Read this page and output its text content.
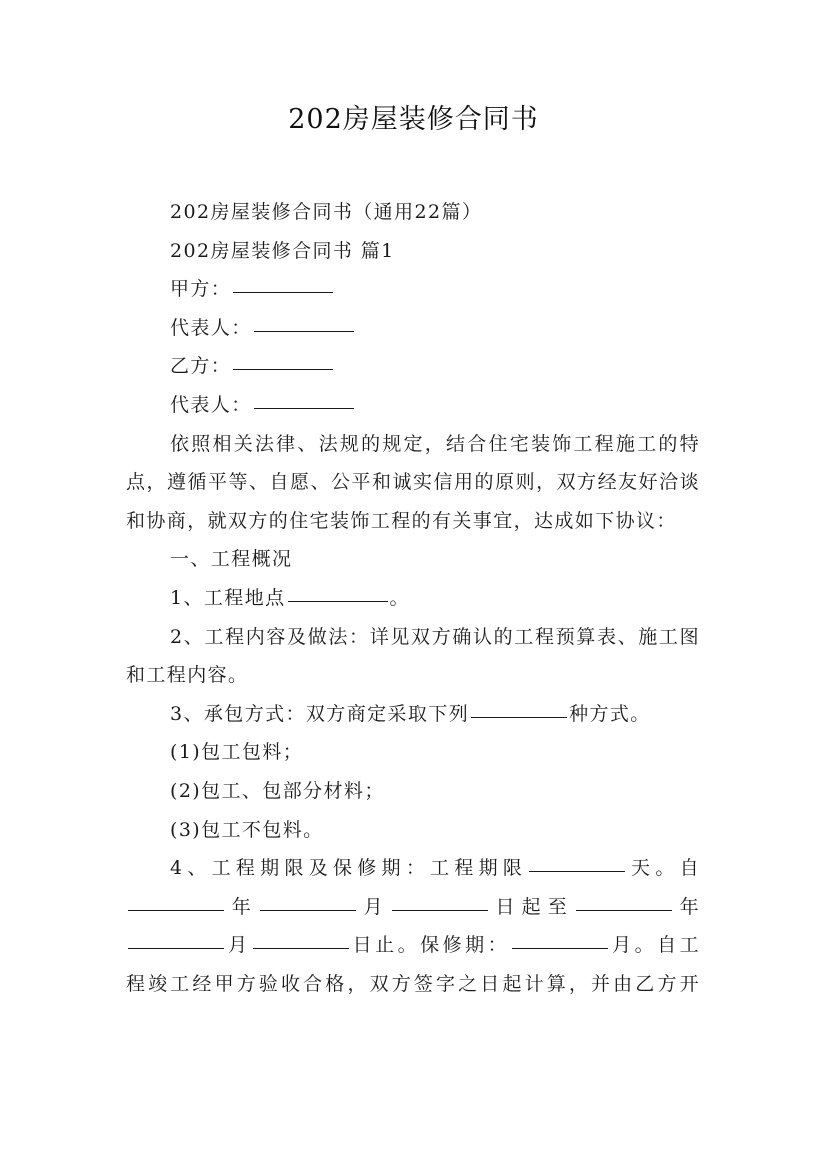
202房屋装修合同书

202房屋装修合同书（通用22篇）

202房屋装修合同书 篇1

甲方：

代表人：

乙方：

代表人：

依照相关法律、法规的规定，结合住宅装饰工程施工的特点，遵循平等、自愿、公平和诚实信用的原则，双方经友好洽谈和协商，就双方的住宅装饰工程的有关事宜，达成如下协议：

一、工程概况

1、工程地点	。

2、工程内容及做法：详见双方确认的工程预算表、施工图和工程内容。

3、承包方式：双方商定采取下列	种方式。

(1)包工包料；

(2)包工、包部分材料；

(3)包工不包料。

4、工程期限及保修期：工程期限	天。自

年	月	日起至	年

月	日止。保修期：	月。自工

程竣工经甲方验收合格，双方签字之日起计算，并由乙方开
